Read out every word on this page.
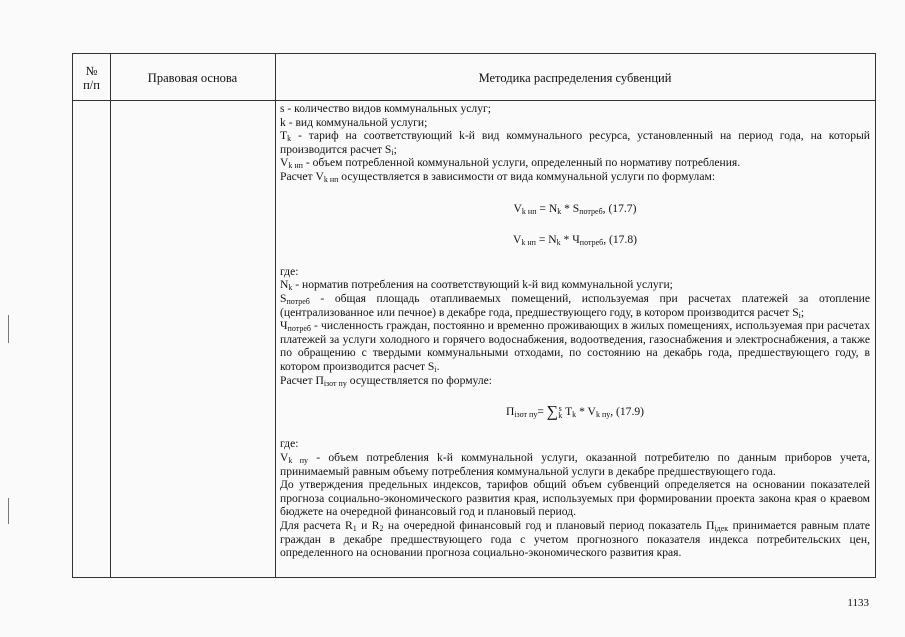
№
п/п	Правовая основа	Методика распределения субвенций

s - количество видов коммунальных услуг;

k - вид коммунальной услуги;

$T_k$ - тариф на соответствующий k-й вид коммунального ресурса, установленный на период года, на который производится расчет $S_i$;

$V_{k нп}$ - объем потребленной коммунальной услуги, определенный по нормативу потребления.

Расчет $V_{k нп}$ осуществляется в зависимости от вида коммунальной услуги по формулам:

$V_{k нп} = N_k * S_{потреб}$, (17.7)

$V_{k нп} = N_k * Ч_{потреб}$, (17.8)

где:

$N_k$ - норматив потребления на соответствующий k-й вид коммунальной услуги;

$S_{потреб}$ - общая площадь отапливаемых помещений, используемая при расчетах платежей за отопление (централизованное или печное) в декабре года, предшествующего году, в котором производится расчет $S_i$;

$Ч_{потреб}$ - численность граждан, постоянно и временно проживающих в жилых помещениях, используемая при расчетах платежей за услуги холодного и горячего водоснабжения, водоотведения, газоснабжения и электроснабжения, а также по обращению с твердыми коммунальными отходами, по состоянию на декабрь года, предшествующего году, в котором производится расчет $S_i$.

Расчет $П_{iзот пу}$ осуществляется по формуле:

$П_{iзот пу}=$ ∑ s
k $T_k * V_{k пу}$, (17.9)

где:

$V_{k пу}$ - объем потребления k-й коммунальной услуги, оказанной потребителю по данным приборов учета, принимаемый равным объему потребления коммунальной услуги в декабре предшествующего года.

До утверждения предельных индексов, тарифов общий объем субвенций определяется на основании показателей прогноза социально-экономического развития края, используемых при формировании проекта закона края о краевом бюджете на очередной финансовый год и плановый период.

Для расчета $R_1$ и $R_2$ на очередной финансовый год и плановый период показатель $П_{iдек}$ принимается равным плате граждан в декабре предшествующего года с учетом прогнозного показателя индекса потребительских цен, определенного на основании прогноза социально-экономического развития края.

1133
